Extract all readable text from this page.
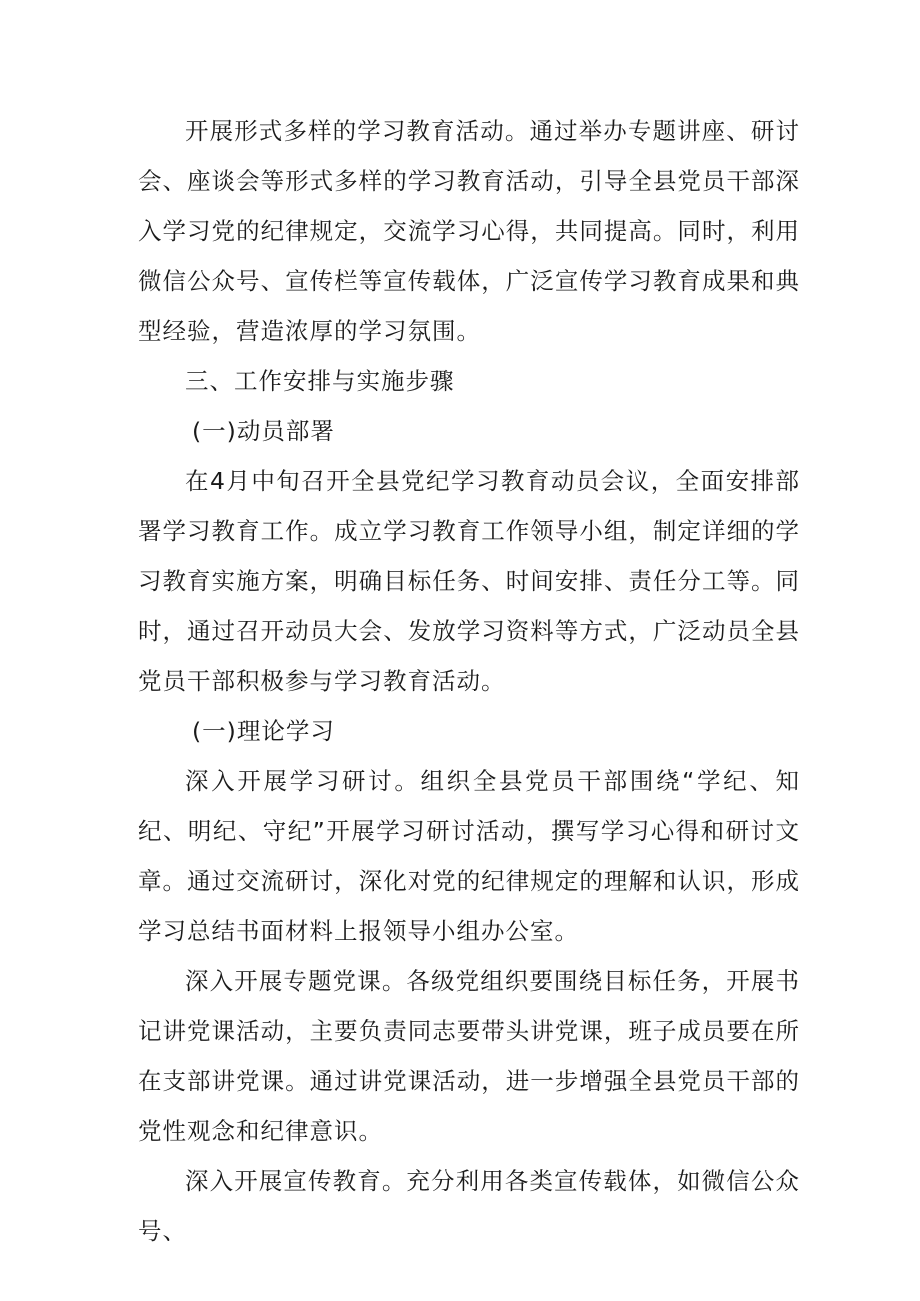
开展形式多样的学习教育活动。通过举办专题讲座、研讨会、座谈会等形式多样的学习教育活动，引导全县党员干部深入学习党的纪律规定，交流学习心得，共同提高。同时，利用微信公众号、宣传栏等宣传载体，广泛宣传学习教育成果和典型经验，营造浓厚的学习氛围。

三、工作安排与实施步骤

(一)动员部署

在4月中旬召开全县党纪学习教育动员会议，全面安排部署学习教育工作。成立学习教育工作领导小组，制定详细的学习教育实施方案，明确目标任务、时间安排、责任分工等。同时，通过召开动员大会、发放学习资料等方式，广泛动员全县党员干部积极参与学习教育活动。

(一)理论学习

深入开展学习研讨。组织全县党员干部围绕“学纪、知纪、明纪、守纪”开展学习研讨活动，撰写学习心得和研讨文章。通过交流研讨，深化对党的纪律规定的理解和认识，形成学习总结书面材料上报领导小组办公室。

深入开展专题党课。各级党组织要围绕目标任务，开展书记讲党课活动，主要负责同志要带头讲党课，班子成员要在所在支部讲党课。通过讲党课活动，进一步增强全县党员干部的党性观念和纪律意识。

深入开展宣传教育。充分利用各类宣传载体，如微信公众号、
